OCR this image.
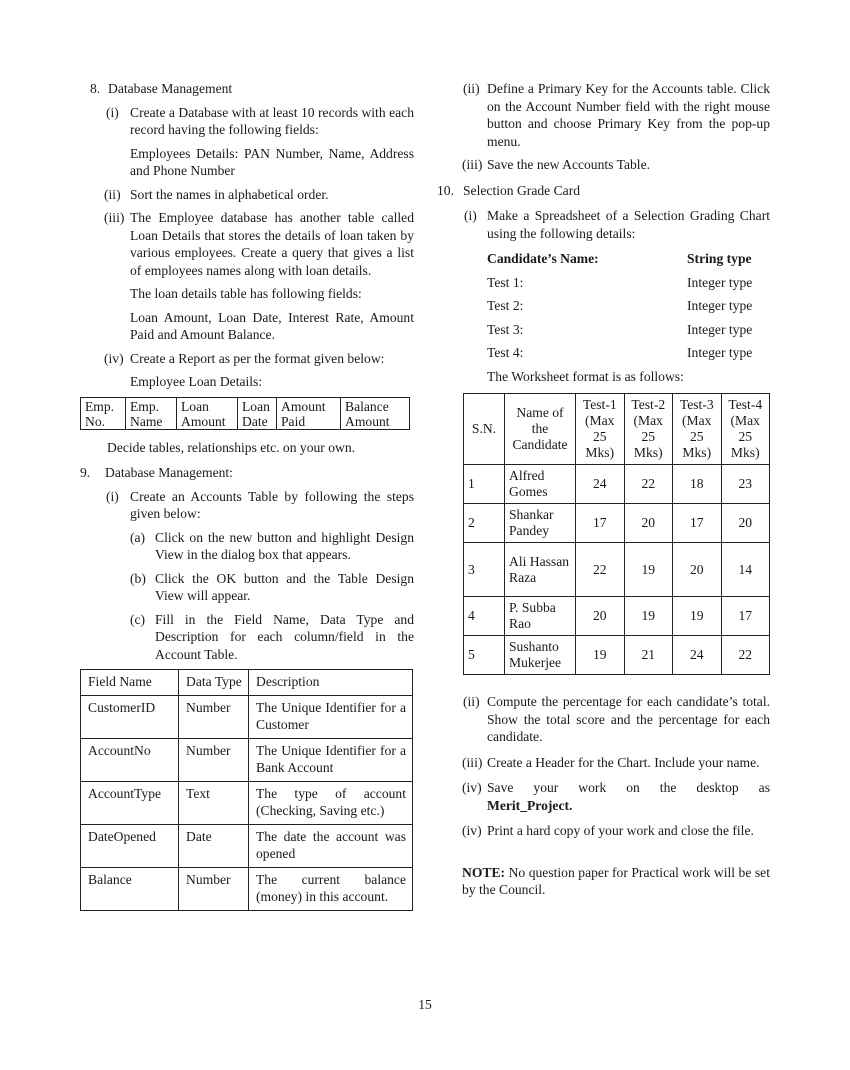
8. Database Management

(i) Create a Database with at least 10 records with each record having the following fields:

Employees Details: PAN Number, Name, Address and Phone Number

(ii) Sort the names in alphabetical order.

(iii) The Employee database has another table called Loan Details that stores the details of loan taken by various employees. Create a query that gives a list of employees names along with loan details.

The loan details table has following fields:

Loan Amount, Loan Date, Interest Rate, Amount Paid and Amount Balance.

(iv) Create a Report as per the format given below:

Employee Loan Details:

Emp. No.	Emp. Name	Loan Amount	Loan Date	Amount Paid	Balance Amount

Decide tables, relationships etc. on your own.

9. Database Management:

(i) Create an Accounts Table by following the steps given below:

(a) Click on the new button and highlight Design View in the dialog box that appears.

(b) Click the OK button and the Table Design View will appear.

(c) Fill in the Field Name, Data Type and Description for each column/field in the Account Table.

Field Name	Data Type	Description
CustomerID	Number	The Unique Identifier for a Customer
AccountNo	Number	The Unique Identifier for a Bank Account
AccountType	Text	The type of account (Checking, Saving etc.)
DateOpened	Date	The date the account was opened
Balance	Number	The current balance (money) in this account.
(ii) Define a Primary Key for the Accounts table. Click on the Account Number field with the right mouse button and choose Primary Key from the pop-up menu.

(iii) Save the new Accounts Table.

10. Selection Grade Card

(i) Make a Spreadsheet of a Selection Grading Chart using the following details:

Candidate’s Name:	String type
Test 1:	Integer type
Test 2:	Integer type
Test 3:	Integer type
Test 4:	Integer type

The Worksheet format is as follows:

S.N.	Name of the Candidate	Test-1 (Max 25 Mks)	Test-2 (Max 25 Mks)	Test-3 (Max 25 Mks)	Test-4 (Max 25 Mks)
1	Alfred Gomes	24	22	18	23
2	Shankar Pandey	17	20	17	20
3	Ali Hassan Raza	22	19	20	14
4	P. Subba Rao	20	19	19	17
5	Sushanto Mukerjee	19	21	24	22
(ii) Compute the percentage for each candidate’s total. Show the total score and the percentage for each candidate.

(iii) Create a Header for the Chart. Include your name.

(iv) Save your work on the desktop as

Merit_Project.

(iv) Print a hard copy of your work and close the file.

NOTE: No question paper for Practical work will be set by the Council.

15
